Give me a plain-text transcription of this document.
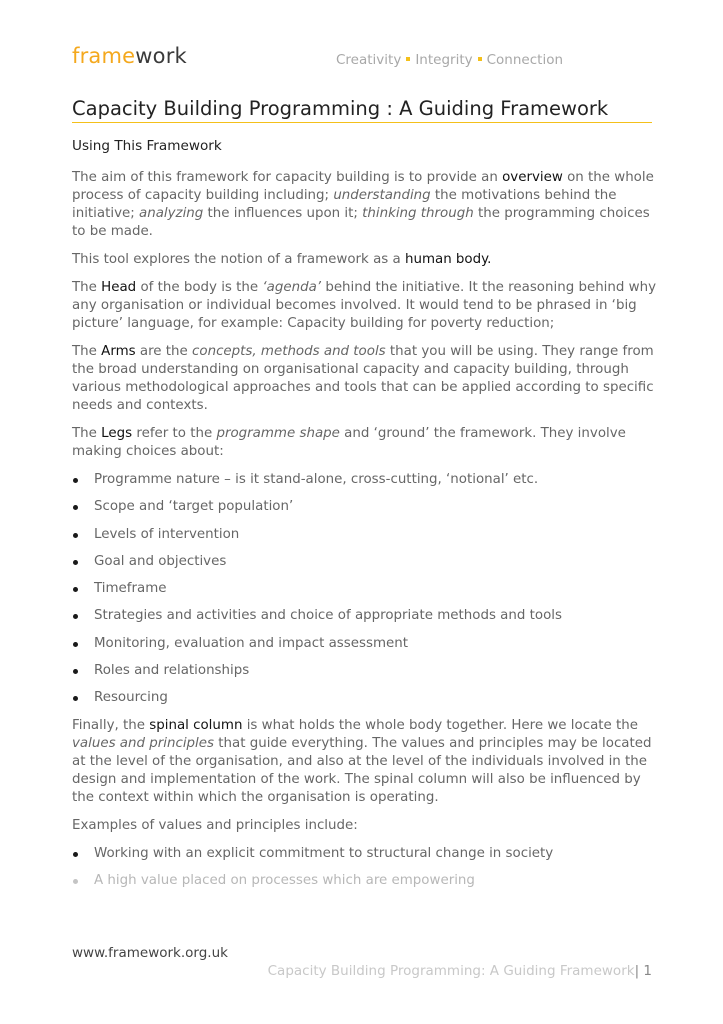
framework	Creativity Integrity Connection
Capacity Building Programming : A Guiding Framework
Using This Framework

The aim of this framework for capacity building is to provide an overview on the whole process of capacity building including; understanding the motivations behind the initiative; analyzing the influences upon it; thinking through the programming choices to be made.

This tool explores the notion of a framework as a human body.

The Head of the body is the ‘agenda’ behind the initiative. It the reasoning behind why any organisation or individual becomes involved. It would tend to be phrased in ‘big picture’ language, for example: Capacity building for poverty reduction;

The Arms are the concepts, methods and tools that you will be using. They range from the broad understanding on organisational capacity and capacity building, through various methodological approaches and tools that can be applied according to specific needs and contexts.

The Legs refer to the programme shape and ‘ground’ the framework. They involve making choices about:

Programme nature – is it stand-alone, cross-cutting, ‘notional’ etc.
Scope and ‘target population’
Levels of intervention
Goal and objectives
Timeframe
Strategies and activities and choice of appropriate methods and tools
Monitoring, evaluation and impact assessment
Roles and relationships
Resourcing

Finally, the spinal column is what holds the whole body together. Here we locate the values and principles that guide everything. The values and principles may be located at the level of the organisation, and also at the level of the individuals involved in the design and implementation of the work. The spinal column will also be influenced by the context within which the organisation is operating.

Examples of values and principles include:

Working with an explicit commitment to structural change in society
A high value placed on processes which are empowering
www.framework.org.uk
Capacity Building Programming: A Guiding Framework| 1
